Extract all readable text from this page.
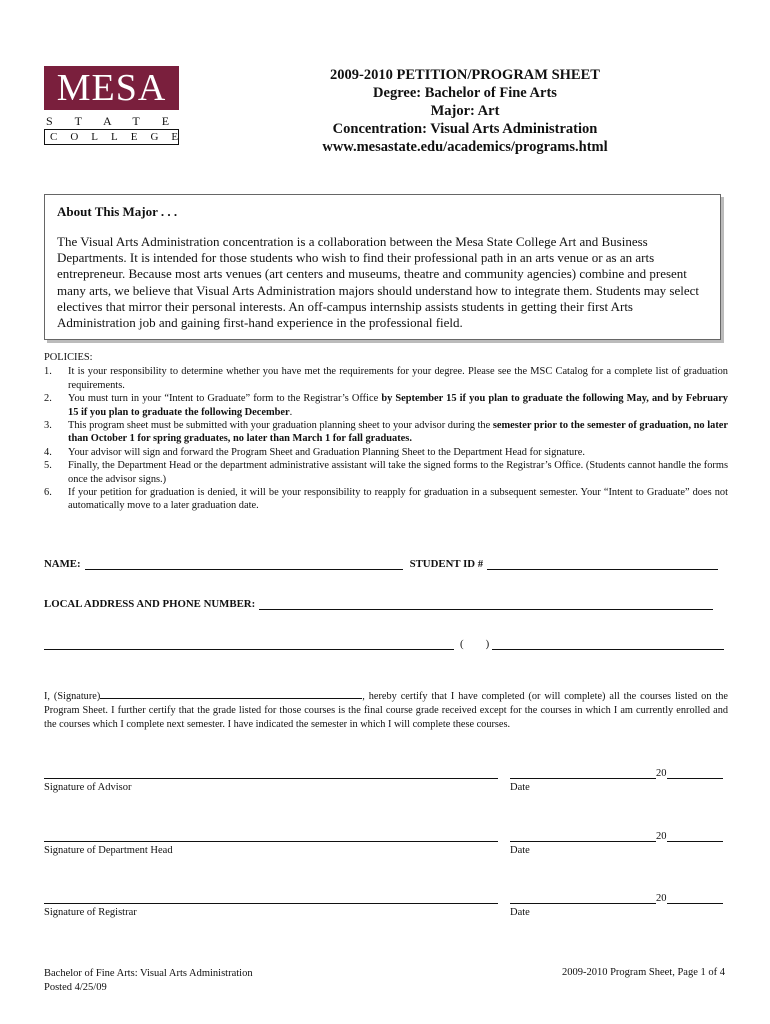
MESA
STATE
COLLEGE
2009-2010 PETITION/PROGRAM SHEET
Degree: Bachelor of Fine Arts
Major: Art
Concentration: Visual Arts Administration
www.mesastate.edu/academics/programs.html
About This Major . . .

The Visual Arts Administration concentration is a collaboration between the Mesa State College Art and Business Departments. It is intended for those students who wish to find their professional path in an arts venue or as an arts entrepreneur. Because most arts venues (art centers and museums, theatre and community agencies) combine and present many arts, we believe that Visual Arts Administration majors should understand how to integrate them. Students may select electives that mirror their personal interests. An off-campus internship assists students in getting their first Arts Administration job and gaining first-hand experience in the professional field.

POLICIES:
1. It is your responsibility to determine whether you have met the requirements for your degree. Please see the MSC Catalog for a complete list of graduation requirements.
2. You must turn in your “Intent to Graduate” form to the Registrar’s Office by September 15 if you plan to graduate the following May, and by February 15 if you plan to graduate the following December.
3. This program sheet must be submitted with your graduation planning sheet to your advisor during the semester prior to the semester of graduation, no later than October 1 for spring graduates, no later than March 1 for fall graduates.
4. Your advisor will sign and forward the Program Sheet and Graduation Planning Sheet to the Department Head for signature.
5. Finally, the Department Head or the department administrative assistant will take the signed forms to the Registrar’s Office. (Students cannot handle the forms once the advisor signs.)
6. If your petition for graduation is denied, it will be your responsibility to reapply for graduation in a subsequent semester. Your “Intent to Graduate” does not automatically move to a later graduation date.
NAME:	STUDENT ID #
LOCAL ADDRESS AND PHONE NUMBER:
( )
I, (Signature)	, hereby certify that I have completed (or will complete) all the courses listed on the Program Sheet. I further certify that the grade listed for those courses is the final course grade received except for the courses in which I am currently enrolled and the courses which I complete next semester. I have indicated the semester in which I will complete these courses.
Signature of Advisor
20
Date
Signature of Department Head
20
Date
Signature of Registrar
20
Date
Bachelor of Fine Arts: Visual Arts Administration
Posted 4/25/09
2009-2010 Program Sheet, Page 1 of 4
